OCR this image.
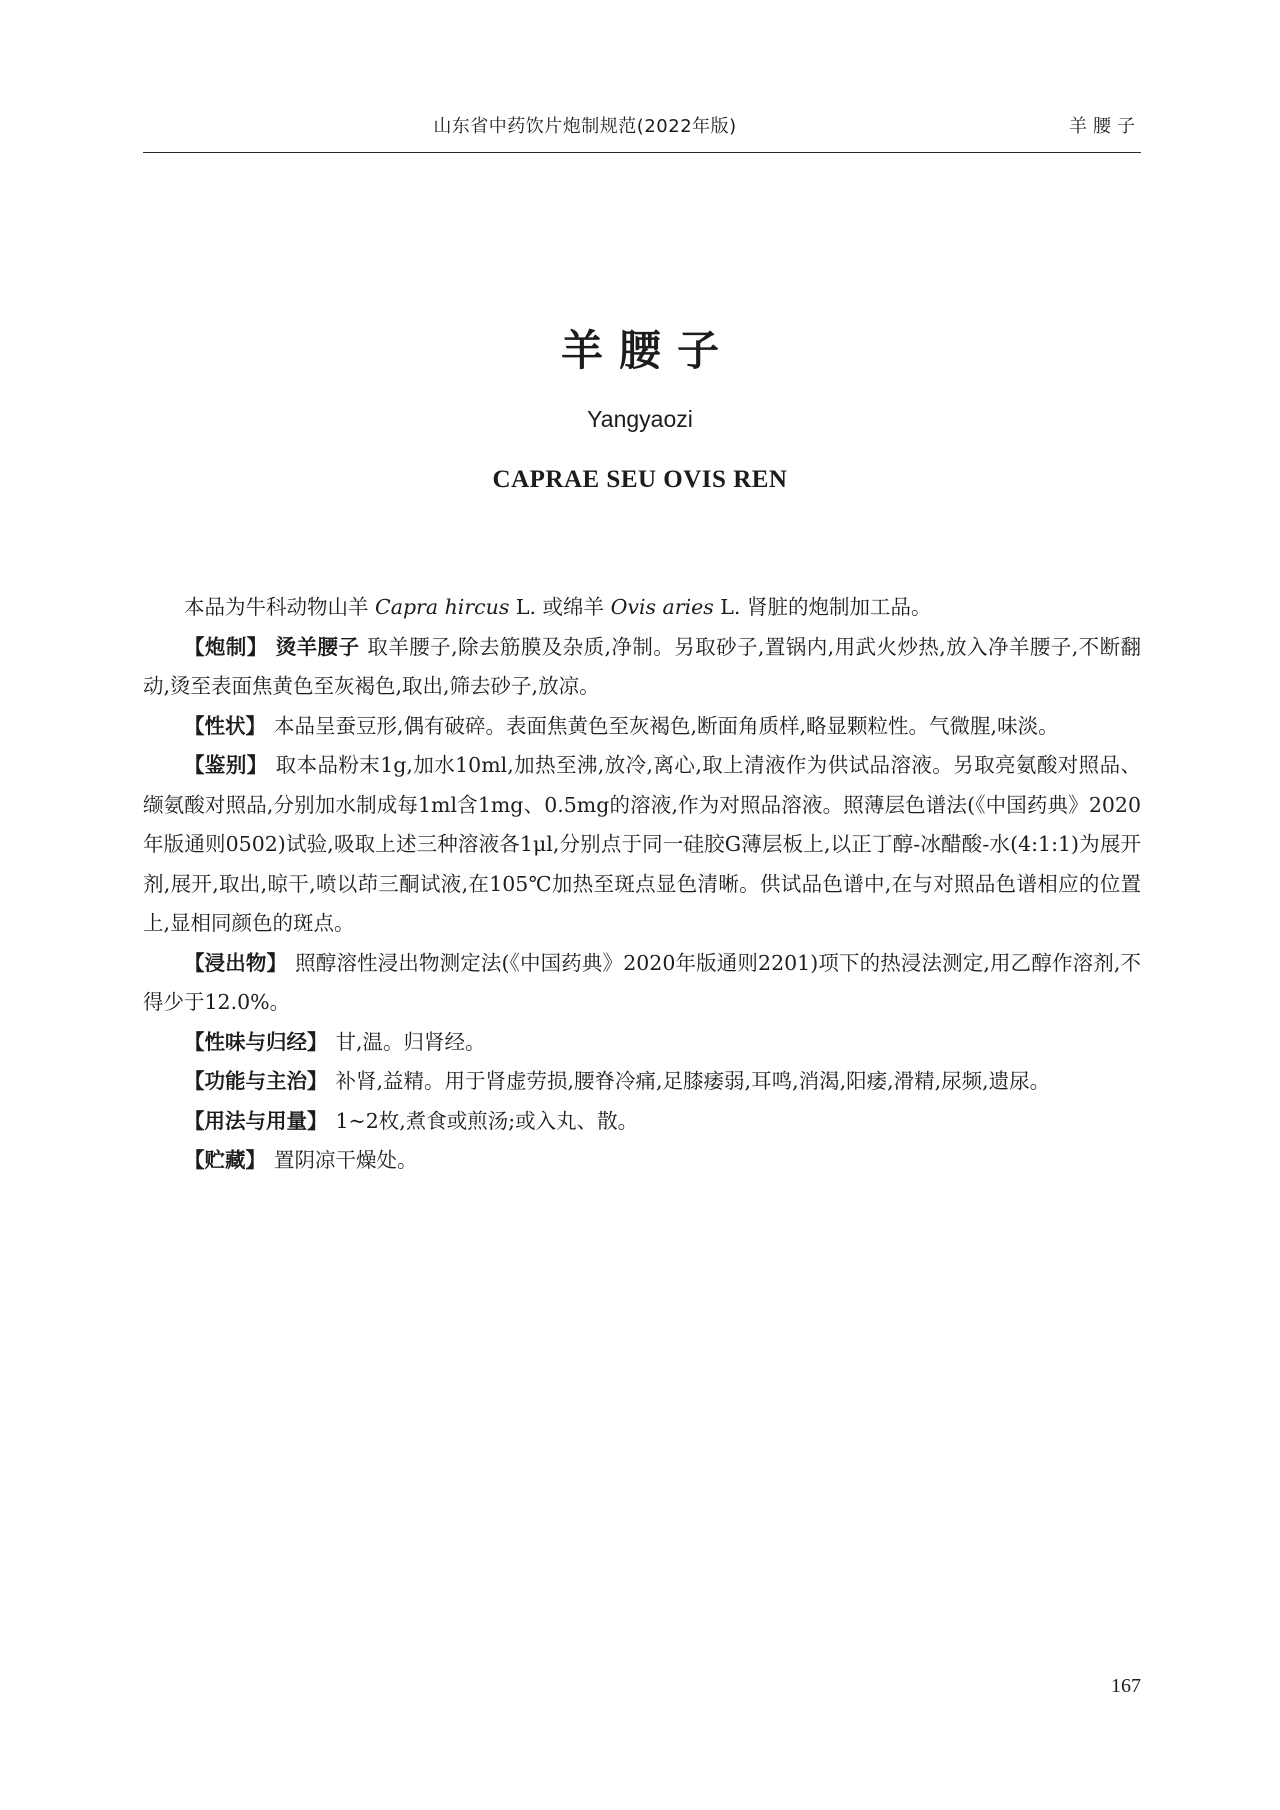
山东省中药饮片炮制规范(2022年版)	羊腰子
羊腰子
Yangyaozi
CAPRAE SEU OVIS REN

本品为牛科动物山羊 Capra hircus L. 或绵羊 Ovis aries L. 肾脏的炮制加工品。

【炮制】 烫羊腰子 取羊腰子,除去筋膜及杂质,净制。另取砂子,置锅内,用武火炒热,放入净羊腰子,不断翻动,烫至表面焦黄色至灰褐色,取出,筛去砂子,放凉。

【性状】 本品呈蚕豆形,偶有破碎。表面焦黄色至灰褐色,断面角质样,略显颗粒性。气微腥,味淡。

【鉴别】 取本品粉末1g,加水10ml,加热至沸,放冷,离心,取上清液作为供试品溶液。另取亮氨酸对照品、缬氨酸对照品,分别加水制成每1ml含1mg、0.5mg的溶液,作为对照品溶液。照薄层色谱法(《中国药典》2020年版通则0502)试验,吸取上述三种溶液各1μl,分别点于同一硅胶G薄层板上,以正丁醇-冰醋酸-水(4:1:1)为展开剂,展开,取出,晾干,喷以茚三酮试液,在105℃加热至斑点显色清晰。供试品色谱中,在与对照品色谱相应的位置上,显相同颜色的斑点。

【浸出物】 照醇溶性浸出物测定法(《中国药典》2020年版通则2201)项下的热浸法测定,用乙醇作溶剂,不得少于12.0%。

【性味与归经】 甘,温。归肾经。

【功能与主治】 补肾,益精。用于肾虚劳损,腰脊冷痛,足膝痿弱,耳鸣,消渴,阳痿,滑精,尿频,遗尿。

【用法与用量】 1~2枚,煮食或煎汤;或入丸、散。

【贮藏】 置阴凉干燥处。

167
